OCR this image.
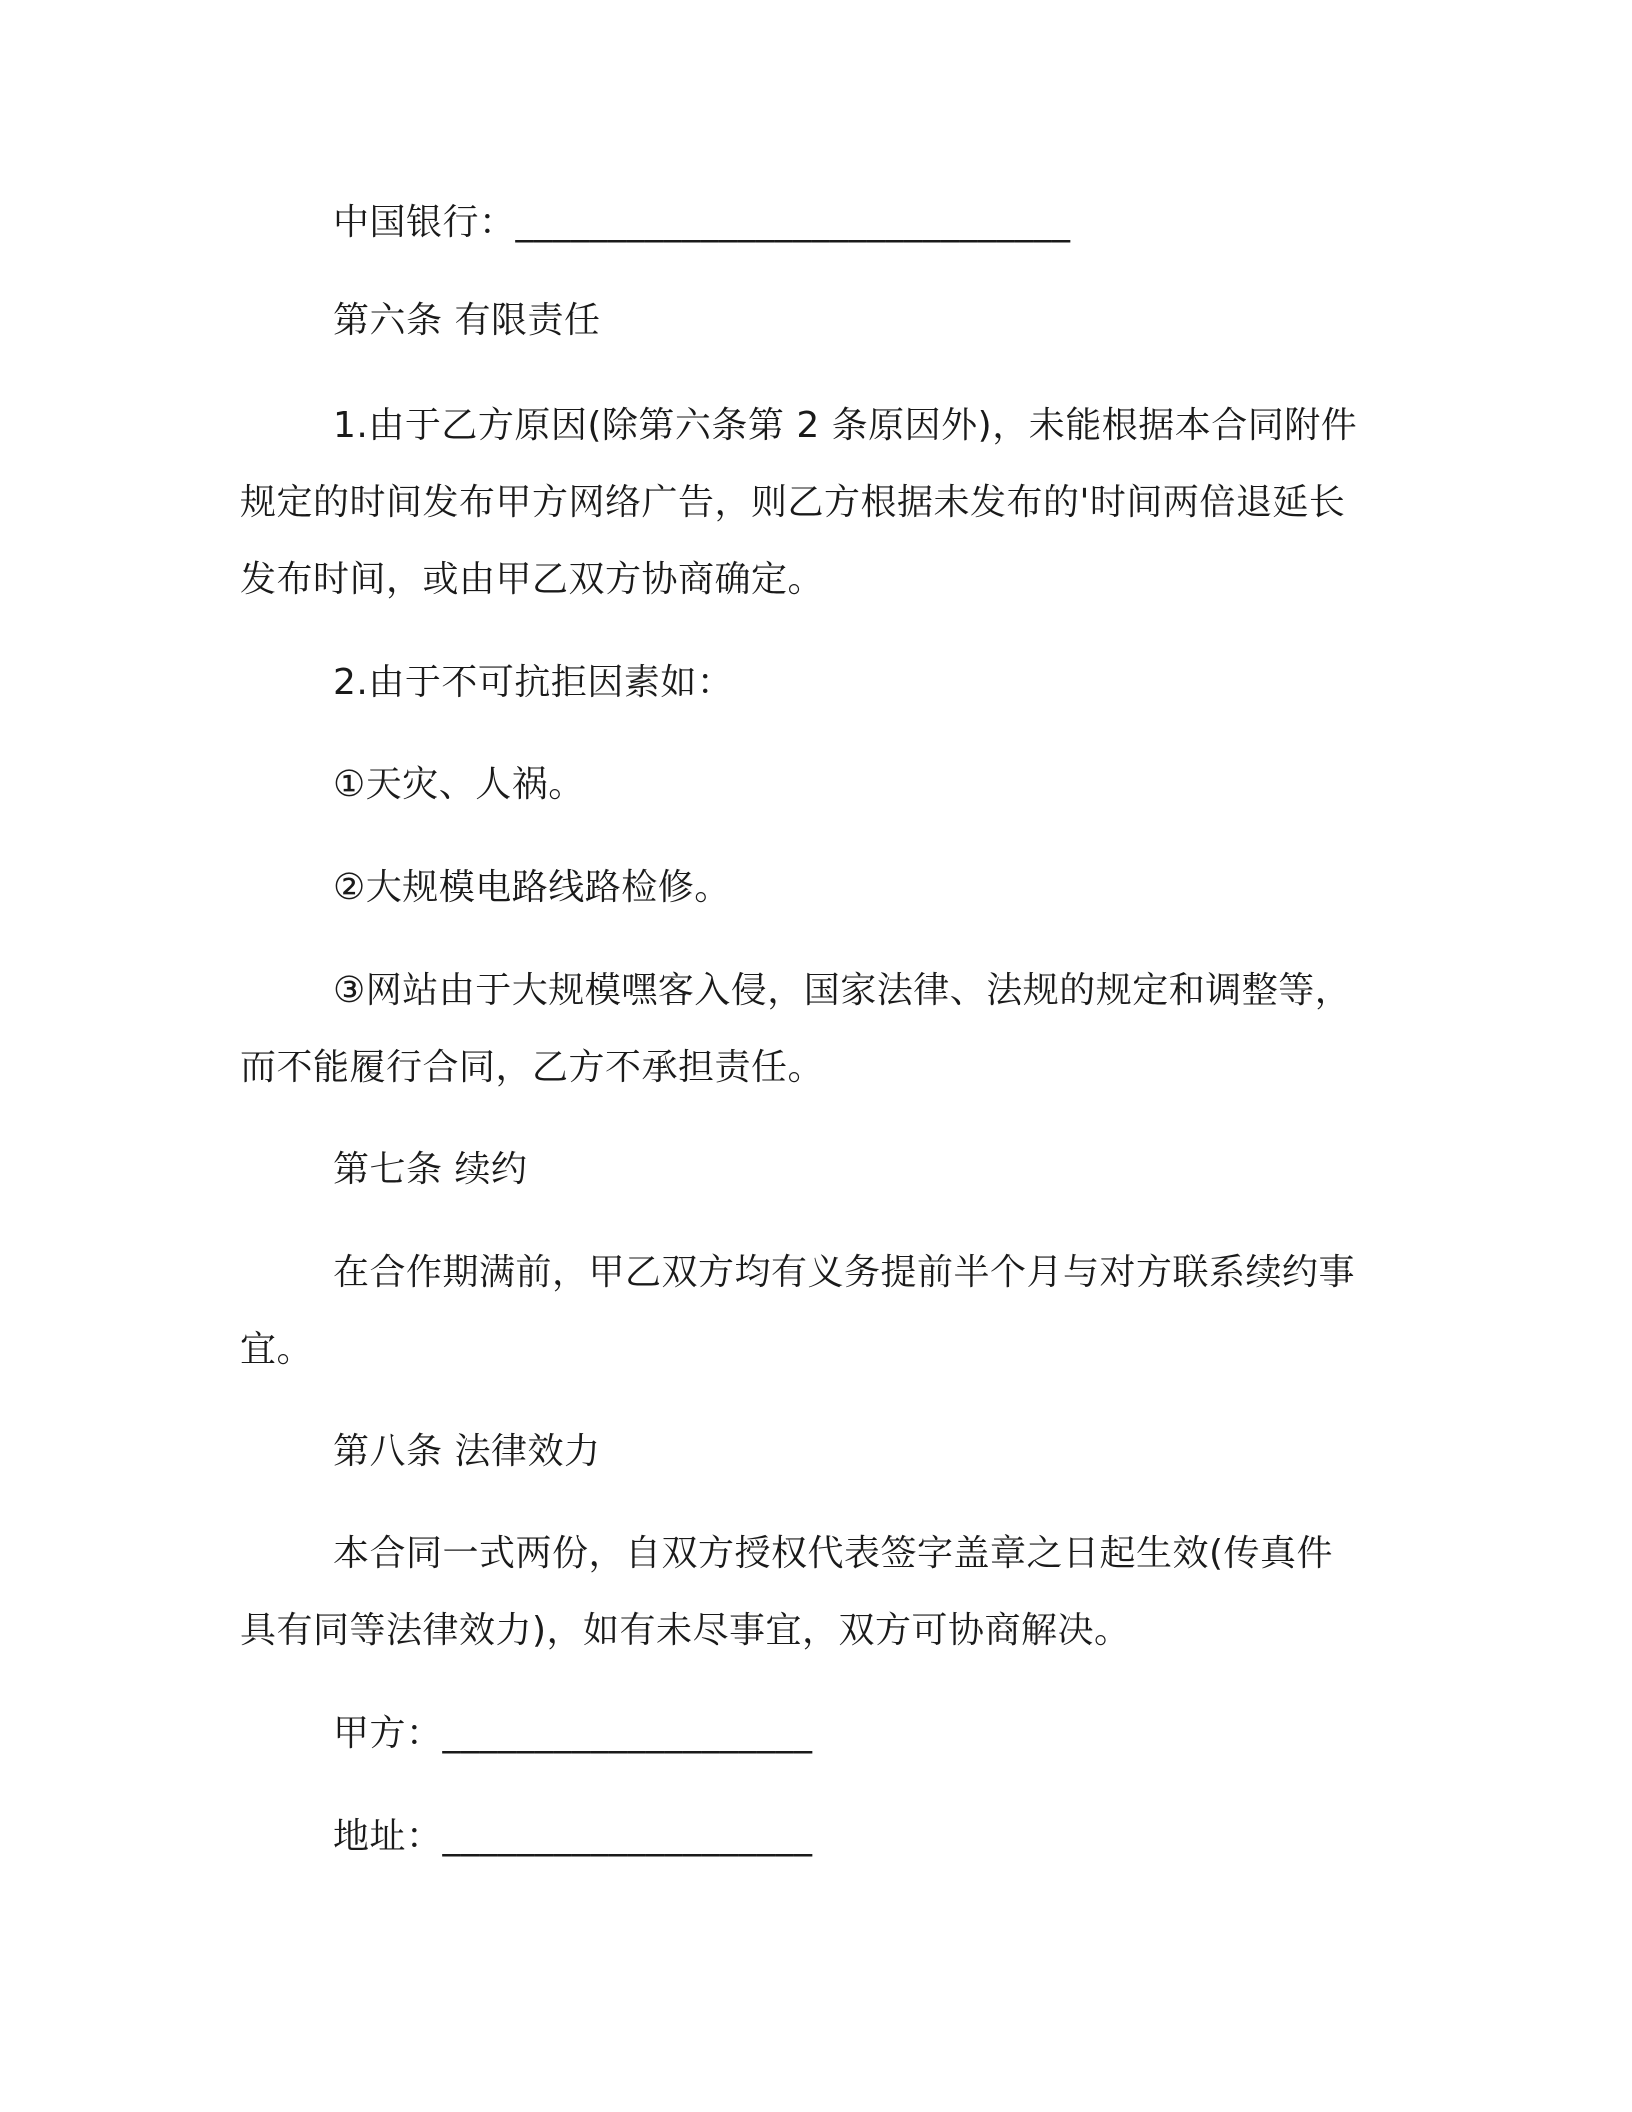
中国银行：______________________________
第六条 有限责任
1.由于乙方原因(除第六条第 2 条原因外)，未能根据本合同附件
规定的时间发布甲方网络广告，则乙方根据未发布的'时间两倍退延长
发布时间，或由甲乙双方协商确定。
2.由于不可抗拒因素如：
①天灾、人祸。
②大规模电路线路检修。
③网站由于大规模嘿客入侵，国家法律、法规的规定和调整等，
而不能履行合同，乙方不承担责任。
第七条 续约
在合作期满前，甲乙双方均有义务提前半个月与对方联系续约事
宜。
第八条 法律效力
本合同一式两份，自双方授权代表签字盖章之日起生效(传真件
具有同等法律效力)，如有未尽事宜，双方可协商解决。
甲方：____________________
地址：____________________
